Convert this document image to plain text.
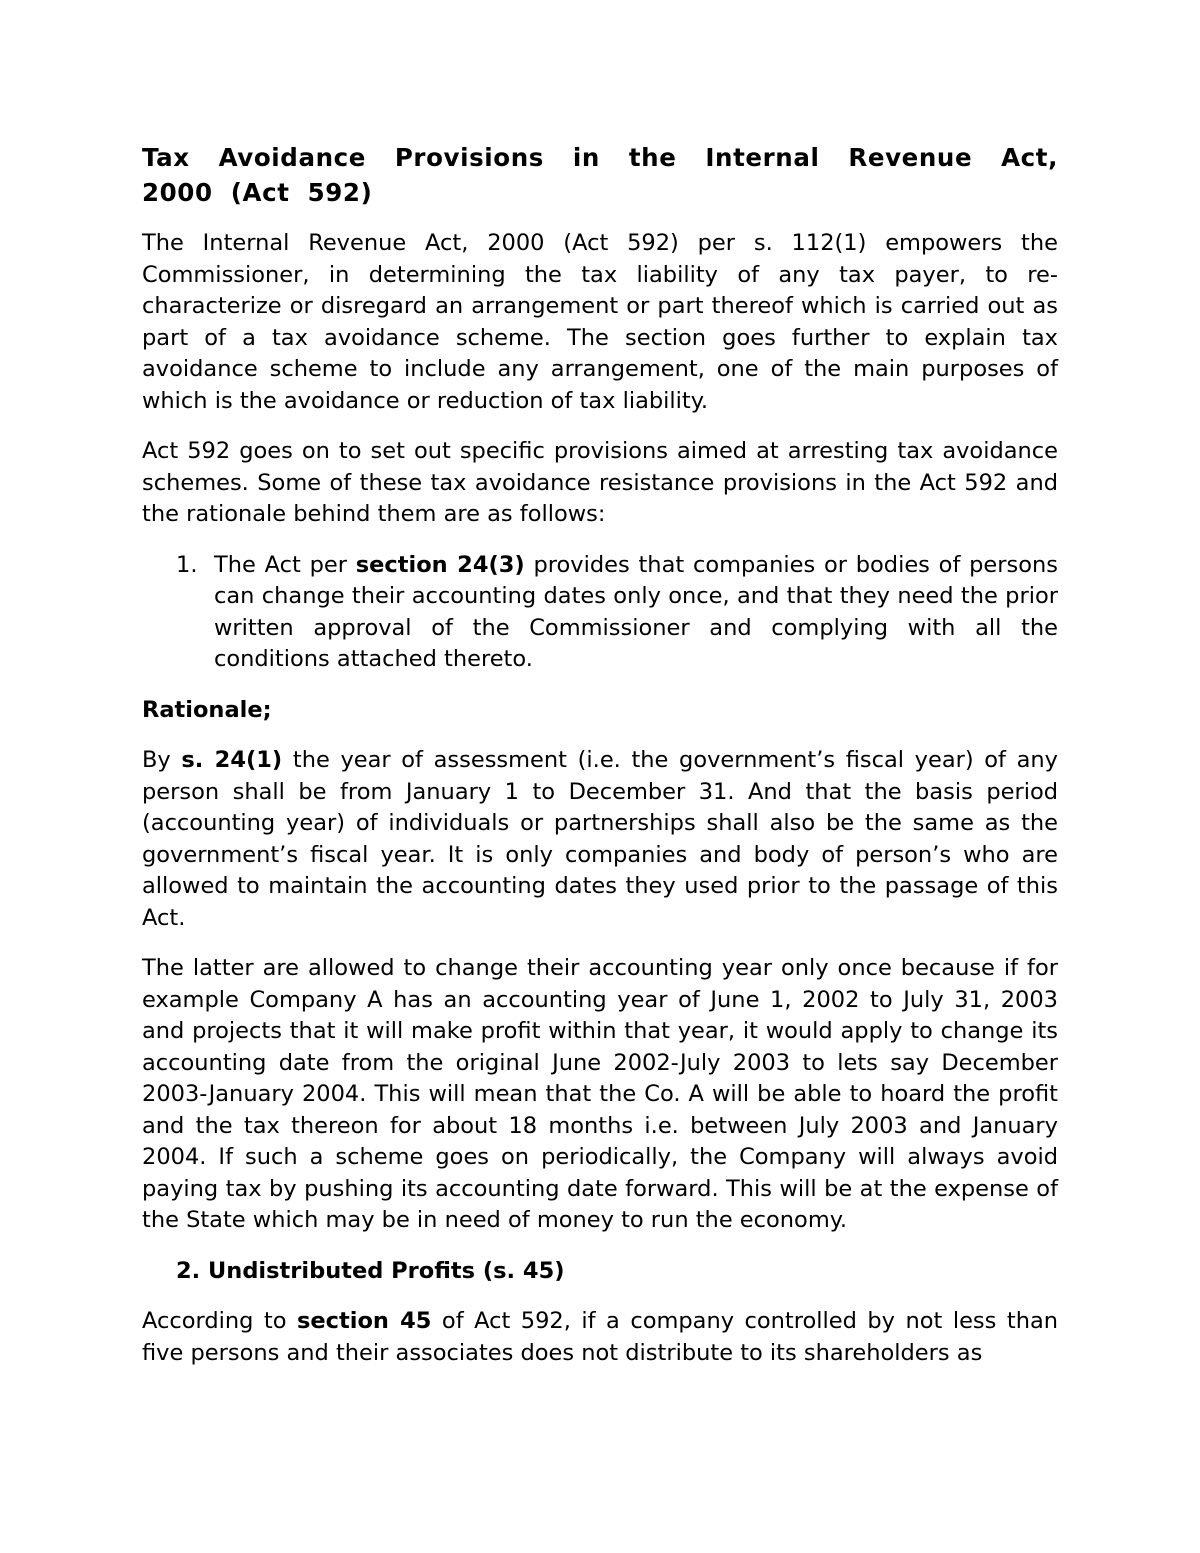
Tax Avoidance Provisions in the Internal Revenue Act, 2000 (Act 592)

The Internal Revenue Act, 2000 (Act 592) per s. 112(1) empowers the Commissioner, in determining the tax liability of any tax payer, to re-characterize or disregard an arrangement or part thereof which is carried out as part of a tax avoidance scheme. The section goes further to explain tax avoidance scheme to include any arrangement, one of the main purposes of which is the avoidance or reduction of tax liability.

Act 592 goes on to set out specific provisions aimed at arresting tax avoidance schemes. Some of these tax avoidance resistance provisions in the Act 592 and the rationale behind them are as follows:

1. The Act per section 24(3) provides that companies or bodies of persons can change their accounting dates only once, and that they need the prior written approval of the Commissioner and complying with all the conditions attached thereto.
Rationale;

By s. 24(1) the year of assessment (i.e. the government’s fiscal year) of any person shall be from January 1 to December 31. And that the basis period (accounting year) of individuals or partnerships shall also be the same as the government’s fiscal year. It is only companies and body of person’s who are allowed to maintain the accounting dates they used prior to the passage of this Act.

The latter are allowed to change their accounting year only once because if for example Company A has an accounting year of June 1, 2002 to July 31, 2003 and projects that it will make profit within that year, it would apply to change its accounting date from the original June 2002-July 2003 to lets say December 2003-January 2004. This will mean that the Co. A will be able to hoard the profit and the tax thereon for about 18 months i.e. between July 2003 and January 2004. If such a scheme goes on periodically, the Company will always avoid paying tax by pushing its accounting date forward. This will be at the expense of the State which may be in need of money to run the economy.

2. Undistributed Profits (s. 45)

According to section 45 of Act 592, if a company controlled by not less than five persons and their associates does not distribute to its shareholders as
